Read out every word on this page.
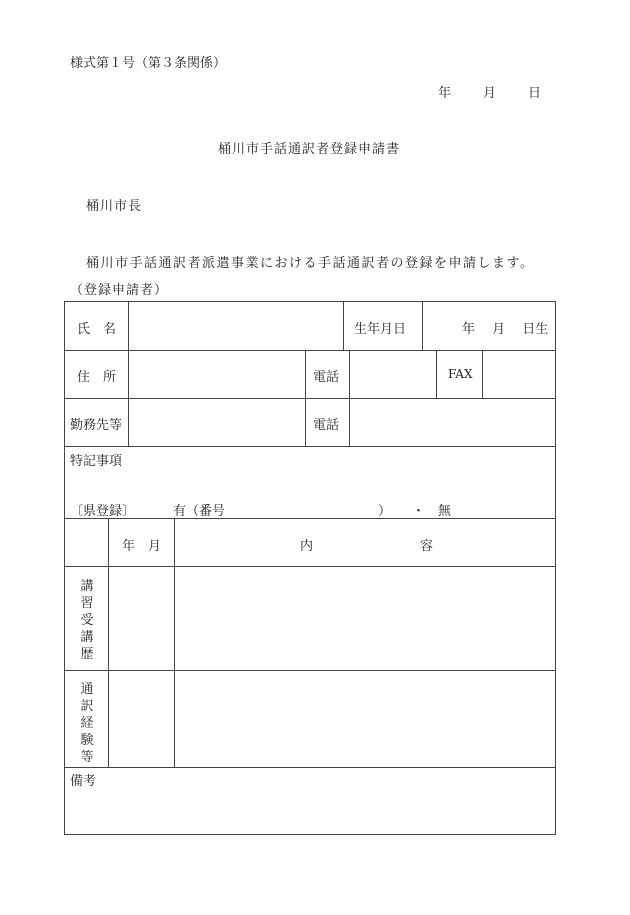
様式第１号（第３条関係）
年 月 日
桶川市手話通訳者登録申請書
桶川市長
桶川市手話通訳者派遣事業における手話通訳者の登録を申請します。
（登録申請者）
氏　名	生年月日	年　 月　 日生
住　所	電話	FAX
勤務先等	電話
特記事項
〔県登録〕	有（番号	） ・ 無
年　月	内	容
講
習
受
講
歴
通
訳
経
験
等
備考
